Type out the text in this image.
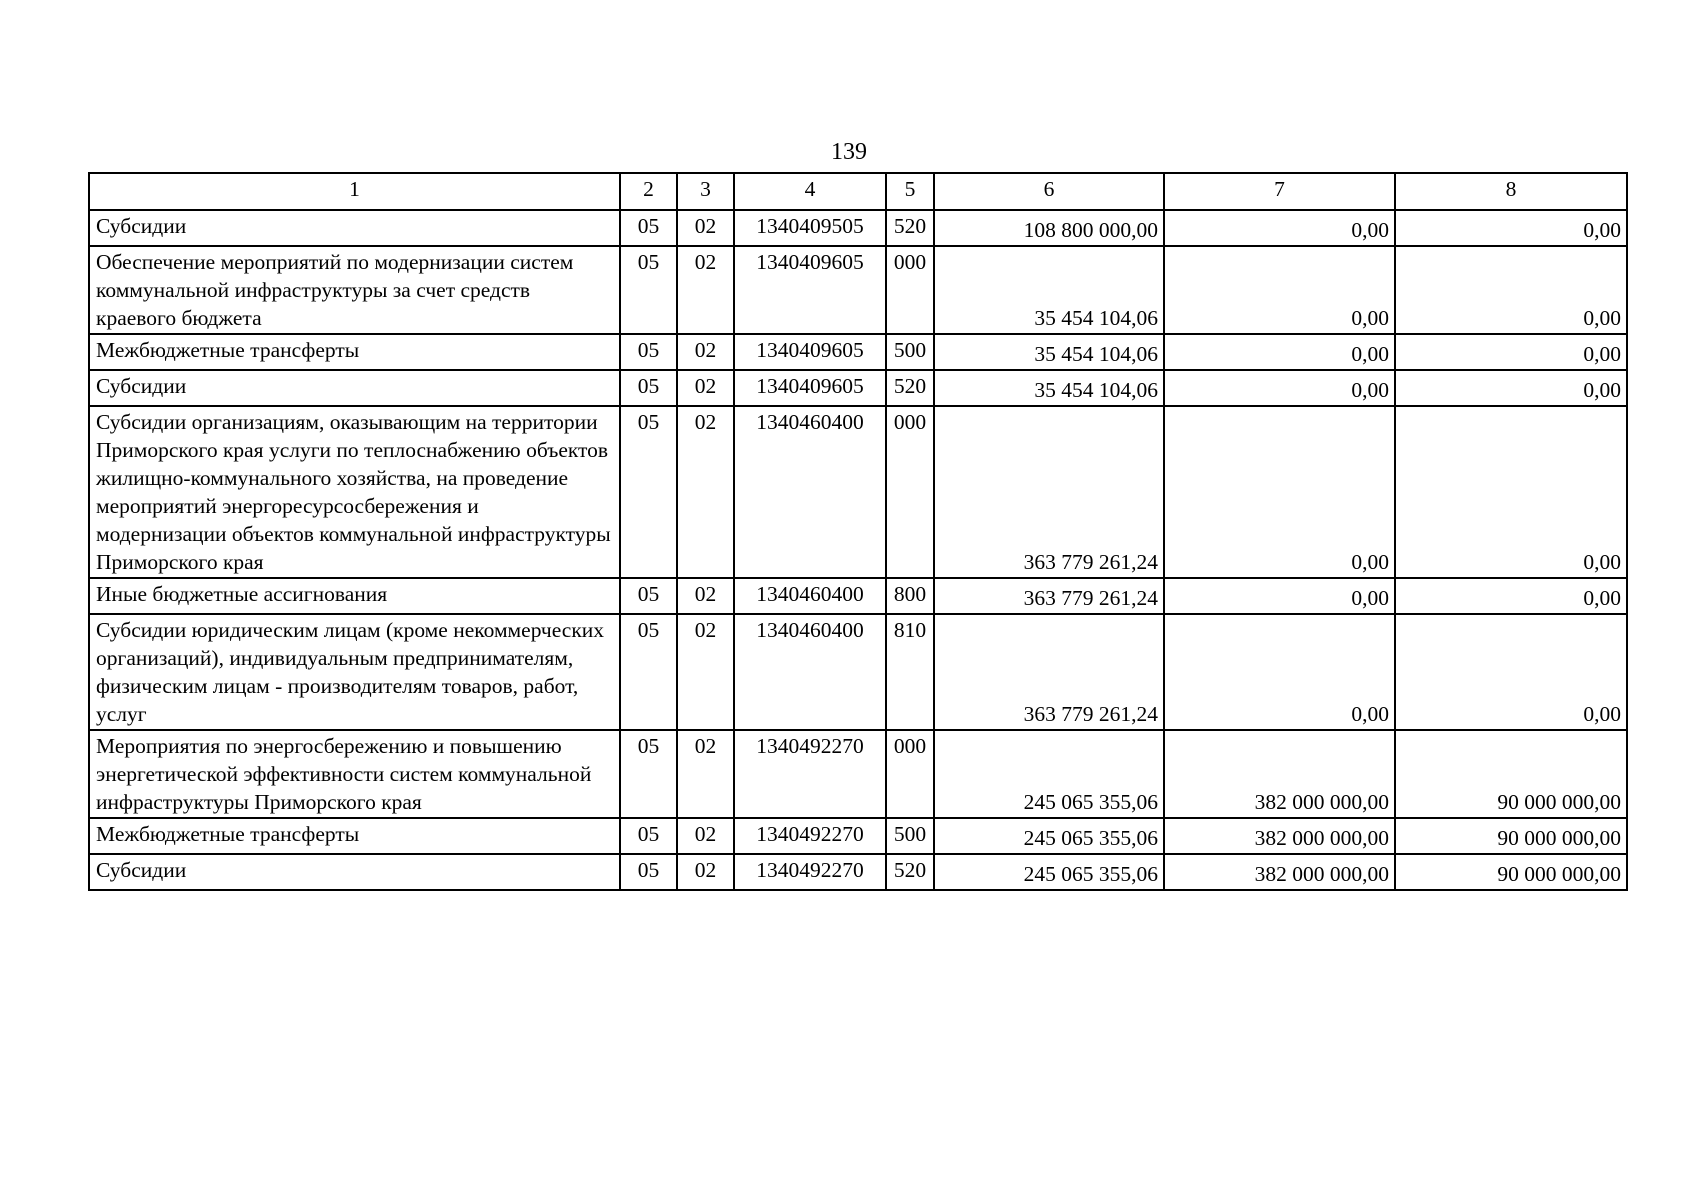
139
1	2	3	4	5	6	7	8
Субсидии	05	02	1340409505	520	108 800 000,00	0,00	0,00
Обеспечение мероприятий по модернизации систем коммунальной инфраструктуры за счет средств краевого бюджета	05	02	1340409605	000	35 454 104,06	0,00	0,00
Межбюджетные трансферты	05	02	1340409605	500	35 454 104,06	0,00	0,00
Субсидии	05	02	1340409605	520	35 454 104,06	0,00	0,00
Субсидии организациям, оказывающим на территории Приморского края услуги по теплоснабжению объектов жилищно-коммунального хозяйства, на проведение мероприятий энергоресурсосбережения и модернизации объектов коммунальной инфраструктуры Приморского края	05	02	1340460400	000	363 779 261,24	0,00	0,00
Иные бюджетные ассигнования	05	02	1340460400	800	363 779 261,24	0,00	0,00
Субсидии юридическим лицам (кроме некоммерческих организаций), индивидуальным предпринимателям, физическим лицам - производителям товаров, работ, услуг	05	02	1340460400	810	363 779 261,24	0,00	0,00
Мероприятия по энергосбережению и повышению энергетической эффективности систем коммунальной инфраструктуры Приморского края	05	02	1340492270	000	245 065 355,06	382 000 000,00	90 000 000,00
Межбюджетные трансферты	05	02	1340492270	500	245 065 355,06	382 000 000,00	90 000 000,00
Субсидии	05	02	1340492270	520	245 065 355,06	382 000 000,00	90 000 000,00
